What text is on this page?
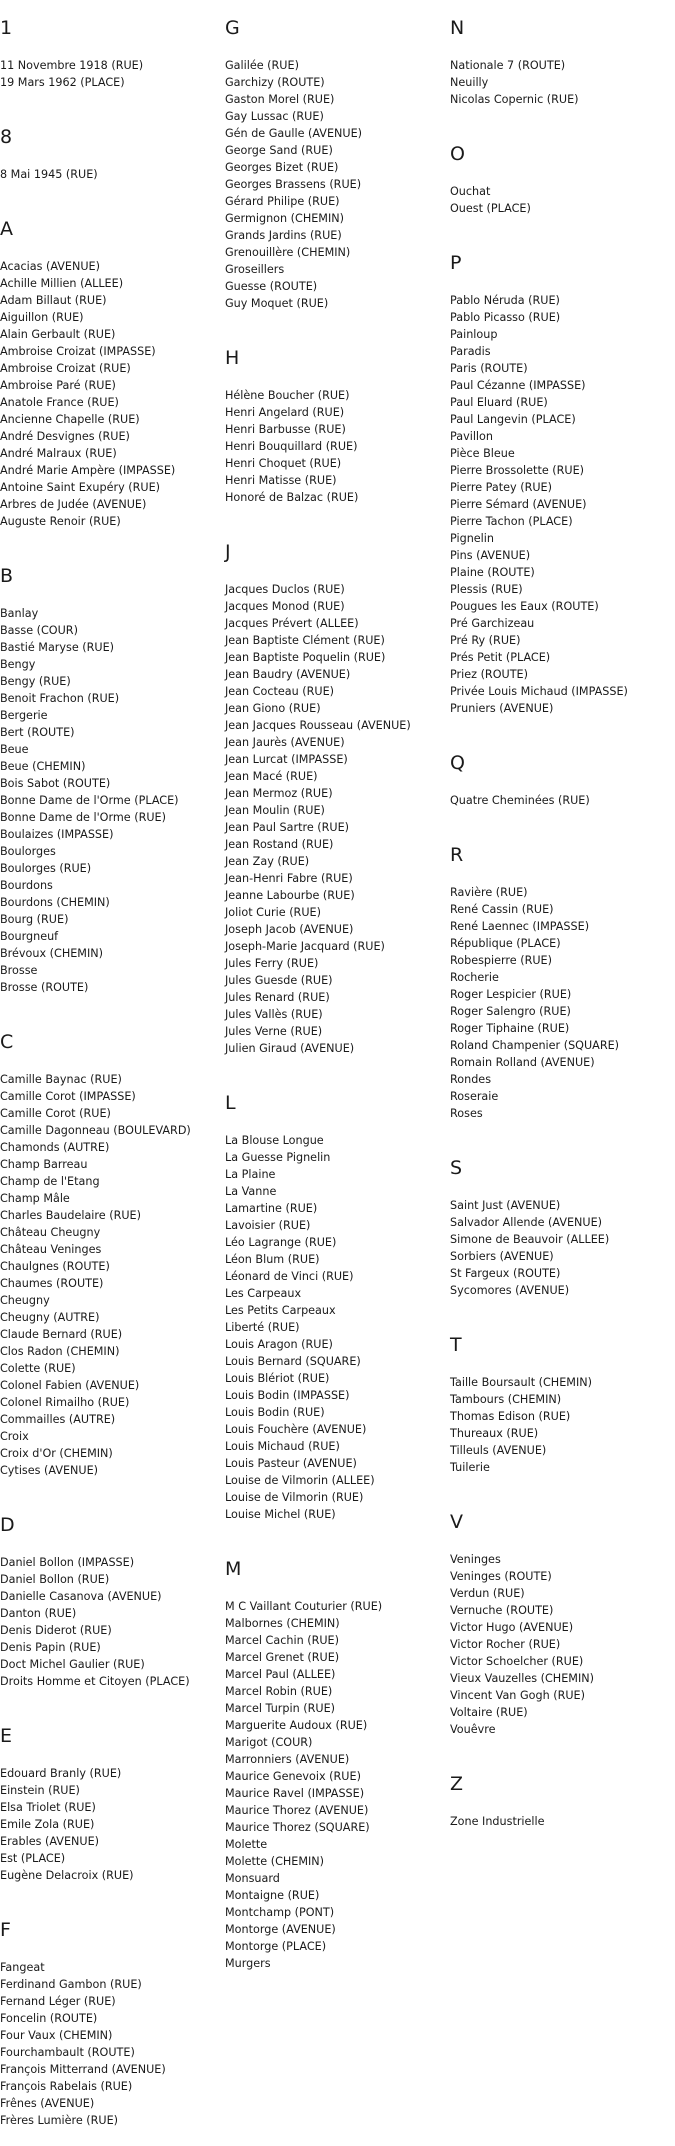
1
11 Novembre 1918 (RUE)
19 Mars 1962 (PLACE)
8
8 Mai 1945 (RUE)
A
Acacias (AVENUE)
Achille Millien (ALLEE)
Adam Billaut (RUE)
Aiguillon (RUE)
Alain Gerbault (RUE)
Ambroise Croizat (IMPASSE)
Ambroise Croizat (RUE)
Ambroise Paré (RUE)
Anatole France (RUE)
Ancienne Chapelle (RUE)
André Desvignes (RUE)
André Malraux (RUE)
André Marie Ampère (IMPASSE)
Antoine Saint Exupéry (RUE)
Arbres de Judée (AVENUE)
Auguste Renoir (RUE)
B
Banlay
Basse (COUR)
Bastié Maryse (RUE)
Bengy
Bengy (RUE)
Benoit Frachon (RUE)
Bergerie
Bert (ROUTE)
Beue
Beue (CHEMIN)
Bois Sabot (ROUTE)
Bonne Dame de l'Orme (PLACE)
Bonne Dame de l'Orme (RUE)
Boulaizes (IMPASSE)
Boulorges
Boulorges (RUE)
Bourdons
Bourdons (CHEMIN)
Bourg (RUE)
Bourgneuf
Brévoux (CHEMIN)
Brosse
Brosse (ROUTE)
C
Camille Baynac (RUE)
Camille Corot (IMPASSE)
Camille Corot (RUE)
Camille Dagonneau (BOULEVARD)
Chamonds (AUTRE)
Champ Barreau
Champ de l'Etang
Champ Mâle
Charles Baudelaire (RUE)
Château Cheugny
Château Veninges
Chaulgnes (ROUTE)
Chaumes (ROUTE)
Cheugny
Cheugny (AUTRE)
Claude Bernard (RUE)
Clos Radon (CHEMIN)
Colette (RUE)
Colonel Fabien (AVENUE)
Colonel Rimailho (RUE)
Commailles (AUTRE)
Croix
Croix d'Or (CHEMIN)
Cytises (AVENUE)
D
Daniel Bollon (IMPASSE)
Daniel Bollon (RUE)
Danielle Casanova (AVENUE)
Danton (RUE)
Denis Diderot (RUE)
Denis Papin (RUE)
Doct Michel Gaulier (RUE)
Droits Homme et Citoyen (PLACE)
E
Edouard Branly (RUE)
Einstein (RUE)
Elsa Triolet (RUE)
Emile Zola (RUE)
Erables (AVENUE)
Est (PLACE)
Eugène Delacroix (RUE)
F
Fangeat
Ferdinand Gambon (RUE)
Fernand Léger (RUE)
Foncelin (ROUTE)
Four Vaux (CHEMIN)
Fourchambault (ROUTE)
François Mitterrand (AVENUE)
François Rabelais (RUE)
Frênes (AVENUE)
Frères Lumière (RUE)
G
Galilée (RUE)
Garchizy (ROUTE)
Gaston Morel (RUE)
Gay Lussac (RUE)
Gén de Gaulle (AVENUE)
George Sand (RUE)
Georges Bizet (RUE)
Georges Brassens (RUE)
Gérard Philipe (RUE)
Germignon (CHEMIN)
Grands Jardins (RUE)
Grenouillère (CHEMIN)
Groseillers
Guesse (ROUTE)
Guy Moquet (RUE)
H
Hélène Boucher (RUE)
Henri Angelard (RUE)
Henri Barbusse (RUE)
Henri Bouquillard (RUE)
Henri Choquet (RUE)
Henri Matisse (RUE)
Honoré de Balzac (RUE)
J
Jacques Duclos (RUE)
Jacques Monod (RUE)
Jacques Prévert (ALLEE)
Jean Baptiste Clément (RUE)
Jean Baptiste Poquelin (RUE)
Jean Baudry (AVENUE)
Jean Cocteau (RUE)
Jean Giono (RUE)
Jean Jacques Rousseau (AVENUE)
Jean Jaurès (AVENUE)
Jean Lurcat (IMPASSE)
Jean Macé (RUE)
Jean Mermoz (RUE)
Jean Moulin (RUE)
Jean Paul Sartre (RUE)
Jean Rostand (RUE)
Jean Zay (RUE)
Jean-Henri Fabre (RUE)
Jeanne Labourbe (RUE)
Joliot Curie (RUE)
Joseph Jacob (AVENUE)
Joseph-Marie Jacquard (RUE)
Jules Ferry (RUE)
Jules Guesde (RUE)
Jules Renard (RUE)
Jules Vallès (RUE)
Jules Verne (RUE)
Julien Giraud (AVENUE)
L
La Blouse Longue
La Guesse Pignelin
La Plaine
La Vanne
Lamartine (RUE)
Lavoisier (RUE)
Léo Lagrange (RUE)
Léon Blum (RUE)
Léonard de Vinci (RUE)
Les Carpeaux
Les Petits Carpeaux
Liberté (RUE)
Louis Aragon (RUE)
Louis Bernard (SQUARE)
Louis Blériot (RUE)
Louis Bodin (IMPASSE)
Louis Bodin (RUE)
Louis Fouchère (AVENUE)
Louis Michaud (RUE)
Louis Pasteur (AVENUE)
Louise de Vilmorin (ALLEE)
Louise de Vilmorin (RUE)
Louise Michel (RUE)
M
M C Vaillant Couturier (RUE)
Malbornes (CHEMIN)
Marcel Cachin (RUE)
Marcel Grenet (RUE)
Marcel Paul (ALLEE)
Marcel Robin (RUE)
Marcel Turpin (RUE)
Marguerite Audoux (RUE)
Marigot (COUR)
Marronniers (AVENUE)
Maurice Genevoix (RUE)
Maurice Ravel (IMPASSE)
Maurice Thorez (AVENUE)
Maurice Thorez (SQUARE)
Molette
Molette (CHEMIN)
Monsuard
Montaigne (RUE)
Montchamp (PONT)
Montorge (AVENUE)
Montorge (PLACE)
Murgers
N
Nationale 7 (ROUTE)
Neuilly
Nicolas Copernic (RUE)
O
Ouchat
Ouest (PLACE)
P
Pablo Néruda (RUE)
Pablo Picasso (RUE)
Painloup
Paradis
Paris (ROUTE)
Paul Cézanne (IMPASSE)
Paul Eluard (RUE)
Paul Langevin (PLACE)
Pavillon
Pièce Bleue
Pierre Brossolette (RUE)
Pierre Patey (RUE)
Pierre Sémard (AVENUE)
Pierre Tachon (PLACE)
Pignelin
Pins (AVENUE)
Plaine (ROUTE)
Plessis (RUE)
Pougues les Eaux (ROUTE)
Pré Garchizeau
Pré Ry (RUE)
Prés Petit (PLACE)
Priez (ROUTE)
Privée Louis Michaud (IMPASSE)
Pruniers (AVENUE)
Q
Quatre Cheminées (RUE)
R
Ravière (RUE)
René Cassin (RUE)
René Laennec (IMPASSE)
République (PLACE)
Robespierre (RUE)
Rocherie
Roger Lespicier (RUE)
Roger Salengro (RUE)
Roger Tiphaine (RUE)
Roland Champenier (SQUARE)
Romain Rolland (AVENUE)
Rondes
Roseraie
Roses
S
Saint Just (AVENUE)
Salvador Allende (AVENUE)
Simone de Beauvoir (ALLEE)
Sorbiers (AVENUE)
St Fargeux (ROUTE)
Sycomores (AVENUE)
T
Taille Boursault (CHEMIN)
Tambours (CHEMIN)
Thomas Edison (RUE)
Thureaux (RUE)
Tilleuls (AVENUE)
Tuilerie
V
Veninges
Veninges (ROUTE)
Verdun (RUE)
Vernuche (ROUTE)
Victor Hugo (AVENUE)
Victor Rocher (RUE)
Victor Schoelcher (RUE)
Vieux Vauzelles (CHEMIN)
Vincent Van Gogh (RUE)
Voltaire (RUE)
Vouêvre
Z
Zone Industrielle
